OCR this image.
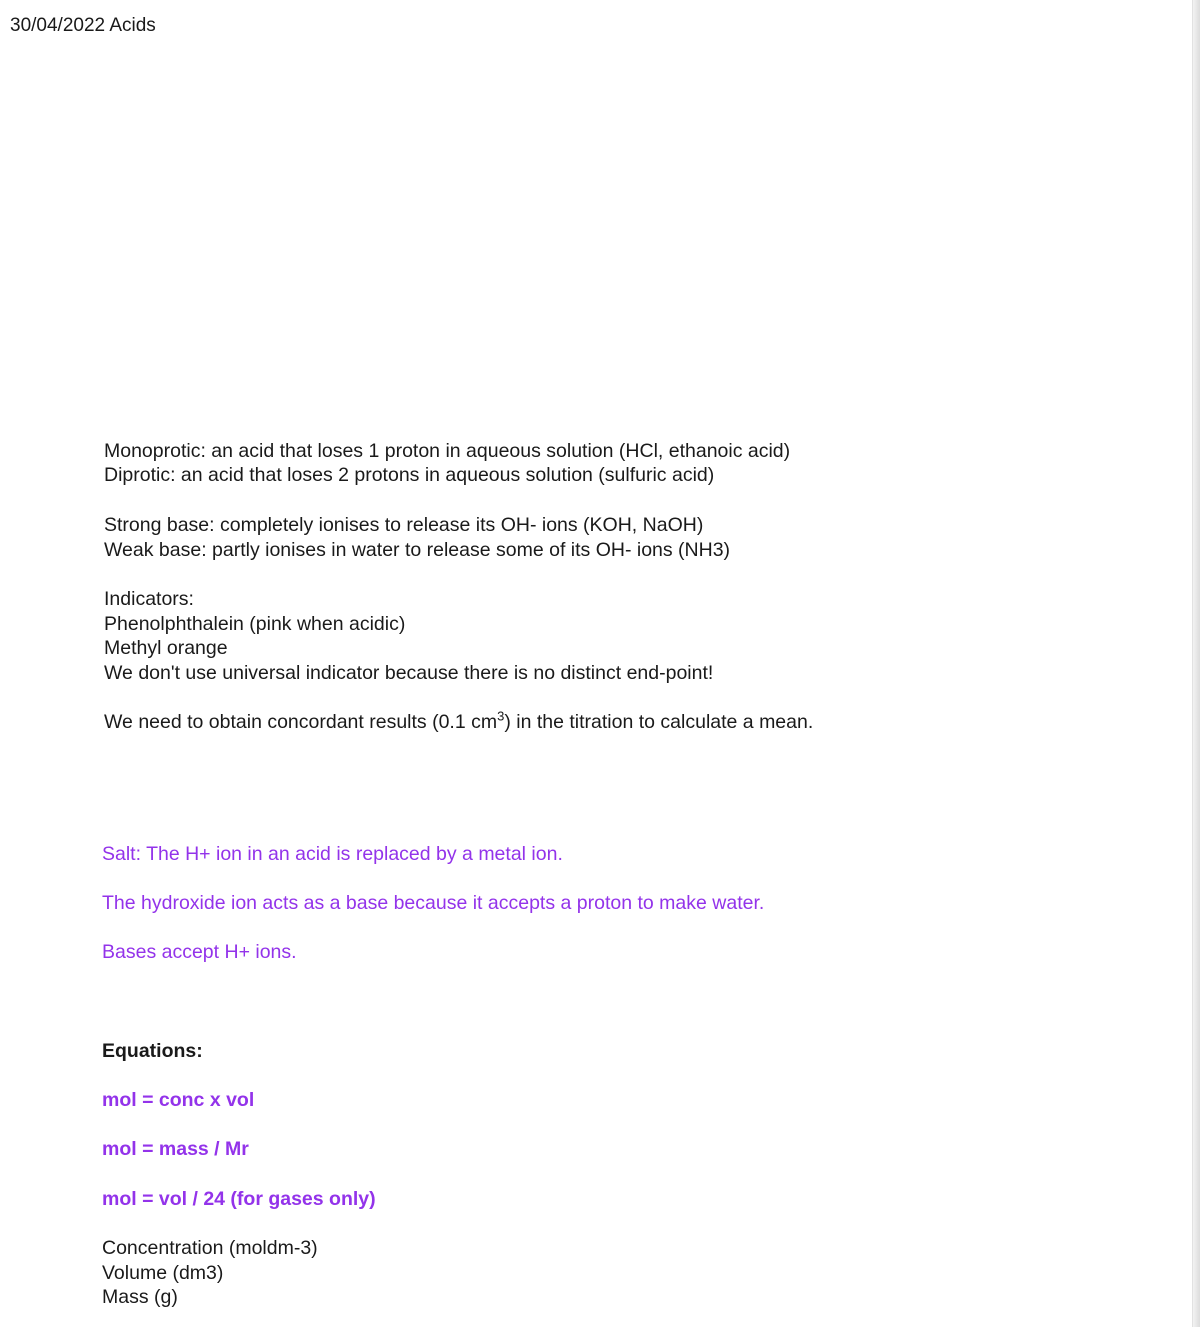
30/04/2022 Acids
Monoprotic: an acid that loses 1 proton in aqueous solution (HCl, ethanoic acid)
Diprotic: an acid that loses 2 protons in aqueous solution (sulfuric acid)
Strong base: completely ionises to release its OH- ions (KOH, NaOH)
Weak base: partly ionises in water to release some of its OH- ions (NH3)
Indicators:
Phenolphthalein (pink when acidic)
Methyl orange
We don't use universal indicator because there is no distinct end-point!
We need to obtain concordant results (0.1 $cm^3$) in the titration to calculate a mean.
Salt: The H+ ion in an acid is replaced by a metal ion.
The hydroxide ion acts as a base because it accepts a proton to make water.
Bases accept H+ ions.
Equations:
mol = conc x vol
mol = mass / Mr
mol = vol / 24 (for gases only)
Concentration (moldm-3)
Volume (dm3)
Mass (g)
